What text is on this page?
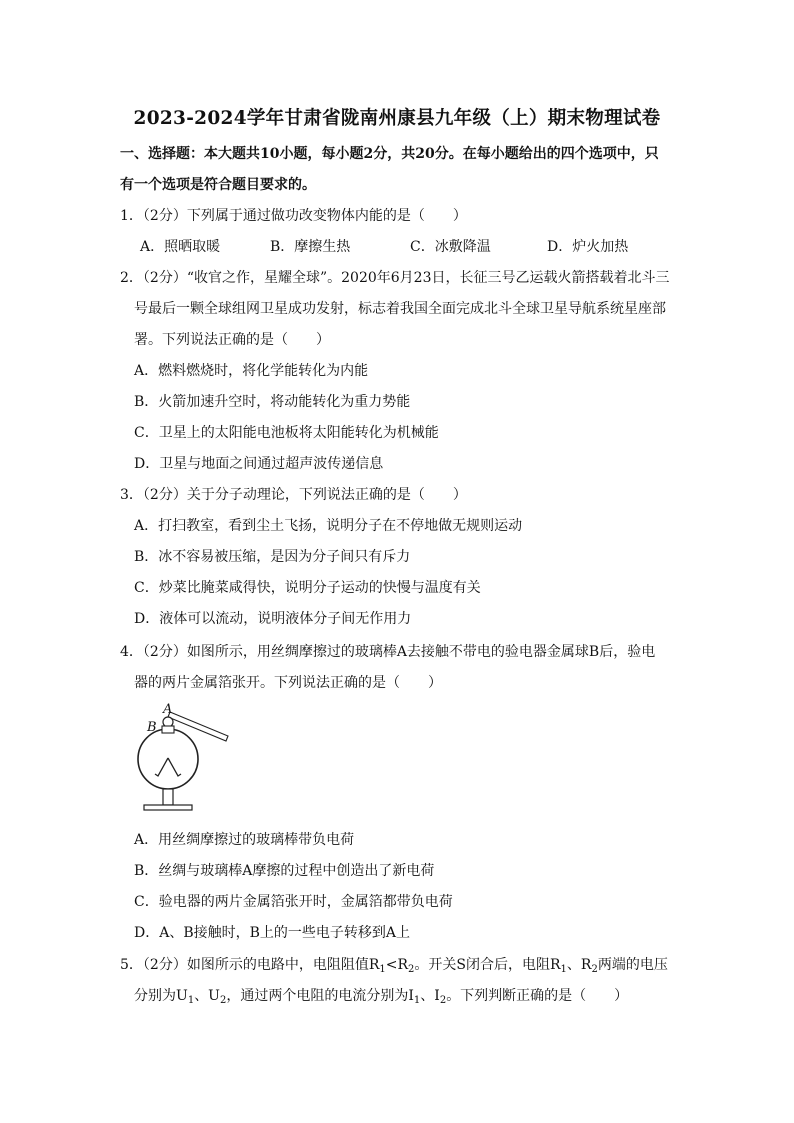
2023-2024学年甘肃省陇南州康县九年级（上）期末物理试卷
一、选择题：本大题共10小题，每小题2分，共20分。在每小题给出的四个选项中，只
有一个选项是符合题目要求的。
1．（2分）下列属于通过做功改变物体内能的是（　　）
A．照晒取暖	B．摩擦生热	C．冰敷降温	D．炉火加热
2．（2分）“收官之作，星耀全球”。2020年6月23日，长征三号乙运载火箭搭载着北斗三
号最后一颗全球组网卫星成功发射，标志着我国全面完成北斗全球卫星导航系统星座部
署。下列说法正确的是（　　）
A．燃料燃烧时，将化学能转化为内能
B．火箭加速升空时，将动能转化为重力势能
C．卫星上的太阳能电池板将太阳能转化为机械能
D．卫星与地面之间通过超声波传递信息
3．（2分）关于分子动理论，下列说法正确的是（　　）
A．打扫教室，看到尘土飞扬，说明分子在不停地做无规则运动
B．冰不容易被压缩，是因为分子间只有斥力
C．炒菜比腌菜咸得快，说明分子运动的快慢与温度有关
D．液体可以流动，说明液体分子间无作用力
4．（2分）如图所示，用丝绸摩擦过的玻璃棒A去接触不带电的验电器金属球B后，验电
器的两片金属箔张开。下列说法正确的是（　　）
A
B
A．用丝绸摩擦过的玻璃棒带负电荷
B．丝绸与玻璃棒A摩擦的过程中创造出了新电荷
C．验电器的两片金属箔张开时，金属箔都带负电荷
D．A、B接触时，B上的一些电子转移到A上
5．（2分）如图所示的电路中，电阻阻值$R_1<R_2$。开关S闭合后，电阻$R_1$、$R_2$两端的电压
分别为$U_1$、$U_2$，通过两个电阻的电流分别为$I_1$、$I_2$。下列判断正确的是（　　）
